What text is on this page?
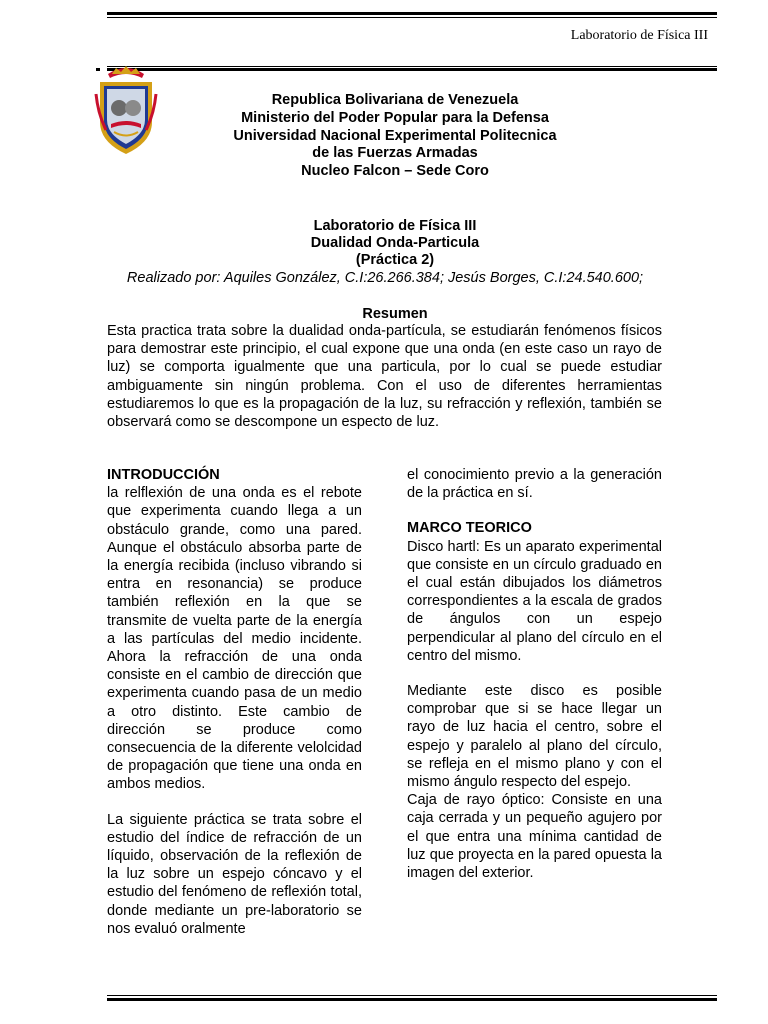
Laboratorio de Física III
Republica Bolivariana de Venezuela
Ministerio del Poder Popular para la Defensa
Universidad Nacional Experimental Politecnica
de las Fuerzas Armadas
Nucleo Falcon – Sede Coro
Laboratorio de Física III
Dualidad Onda-Particula
(Práctica 2)
Realizado por: Aquiles González, C.I:26.266.384; Jesús Borges, C.I:24.540.600;
Resumen
Esta practica trata sobre la dualidad onda-partícula, se estudiarán fenómenos físicos para demostrar este principio, el cual expone que una onda (en este caso un rayo de luz) se comporta igualmente que una particula, por lo cual se puede estudiar ambiguamente sin ningún problema. Con el uso de diferentes herramientas estudiaremos lo que es la propagación de la luz, su refracción y reflexión, también se observará como se descompone un especto de luz.

INTRODUCCIÓN
la relflexión de una onda es el rebote que experimenta cuando llega a un obstáculo grande, como una pared. Aunque el obstáculo absorba parte de la energía recibida (incluso vibrando si entra en resonancia) se produce también reflexión en la que se transmite de vuelta parte de la energía a las partículas del medio incidente. Ahora la refracción de una onda consiste en el cambio de dirección que experimenta cuando pasa de un medio a otro distinto. Este cambio de dirección se produce como consecuencia de la diferente velolcidad de propagación que tiene una onda en ambos medios.

La siguiente práctica se trata sobre el estudio del índice de refracción de un líquido, observación de la reflexión de la luz sobre un espejo cóncavo y el estudio del fenómeno de reflexión total, donde mediante un pre-laboratorio se nos evaluó oralmente

el conocimiento previo a la generación de la práctica en sí.

MARCO TEORICO
Disco hartl: Es un aparato experimental que consiste en un círculo graduado en el cual están dibujados los diámetros correspondientes a la escala de grados de ángulos con un espejo perpendicular al plano del círculo en el centro del mismo.

Mediante este disco es posible comprobar que si se hace llegar un rayo de luz hacia el centro, sobre el espejo y paralelo al plano del círculo, se refleja en el mismo plano y con el mismo ángulo respecto del espejo.

Caja de rayo óptico: Consiste en una caja cerrada y un pequeño agujero por el que entra una mínima cantidad de luz que proyecta en la pared opuesta la imagen del exterior.
